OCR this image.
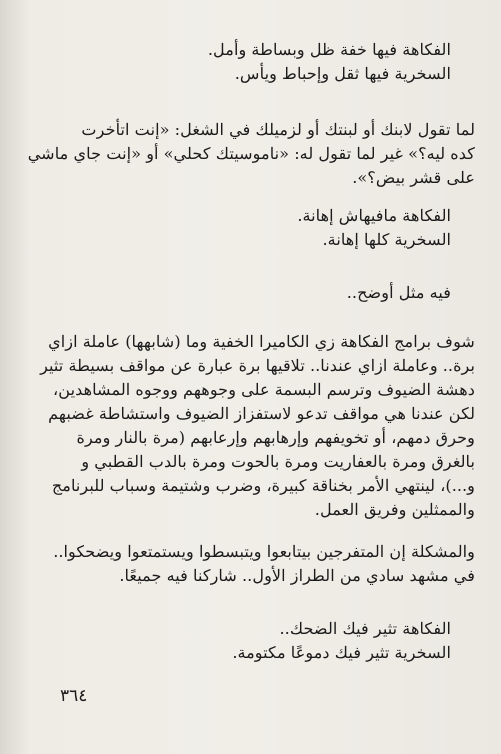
الفكاهة فيها خفة ظل وبساطة وأمل.
السخرية فيها ثقل وإحباط ويأس.

لما تقول لابنك أو لبنتك أو لزميلك في الشغل: «إنت اتأخرت
كده ليه؟» غير لما تقول له: «ناموسيتك كحلي» أو «إنت جاي ماشي
على قشر بيض؟».

الفكاهة مافيهاش إهانة.
السخرية كلها إهانة.

فيه مثل أوضح..

شوف برامج الفكاهة زي الكاميرا الخفية وما (شابهها) عاملة ازاي
برة.. وعاملة ازاي عندنا.. تلاقيها برة عبارة عن مواقف بسيطة تثير
دهشة الضيوف وترسم البسمة على وجوههم ووجوه المشاهدين،
لكن عندنا هي مواقف تدعو لاستفزاز الضيوف واستشاطة غضبهم
وحرق دمهم، أو تخويفهم وإرهابهم وإرعابهم (مرة بالنار ومرة
بالغرق ومرة بالعفاريت ومرة بالحوت ومرة بالدب القطبي و
و...)، لينتهي الأمر بخناقة كبيرة، وضرب وشتيمة وسباب للبرنامج
والممثلين وفريق العمل.

والمشكلة إن المتفرجين بيتابعوا ويتبسطوا ويستمتعوا ويضحكوا..
في مشهد سادي من الطراز الأول.. شاركنا فيه جميعًا.

الفكاهة تثير فيك الضحك..
السخرية تثير فيك دموعًا مكتومة.

٣٦٤
